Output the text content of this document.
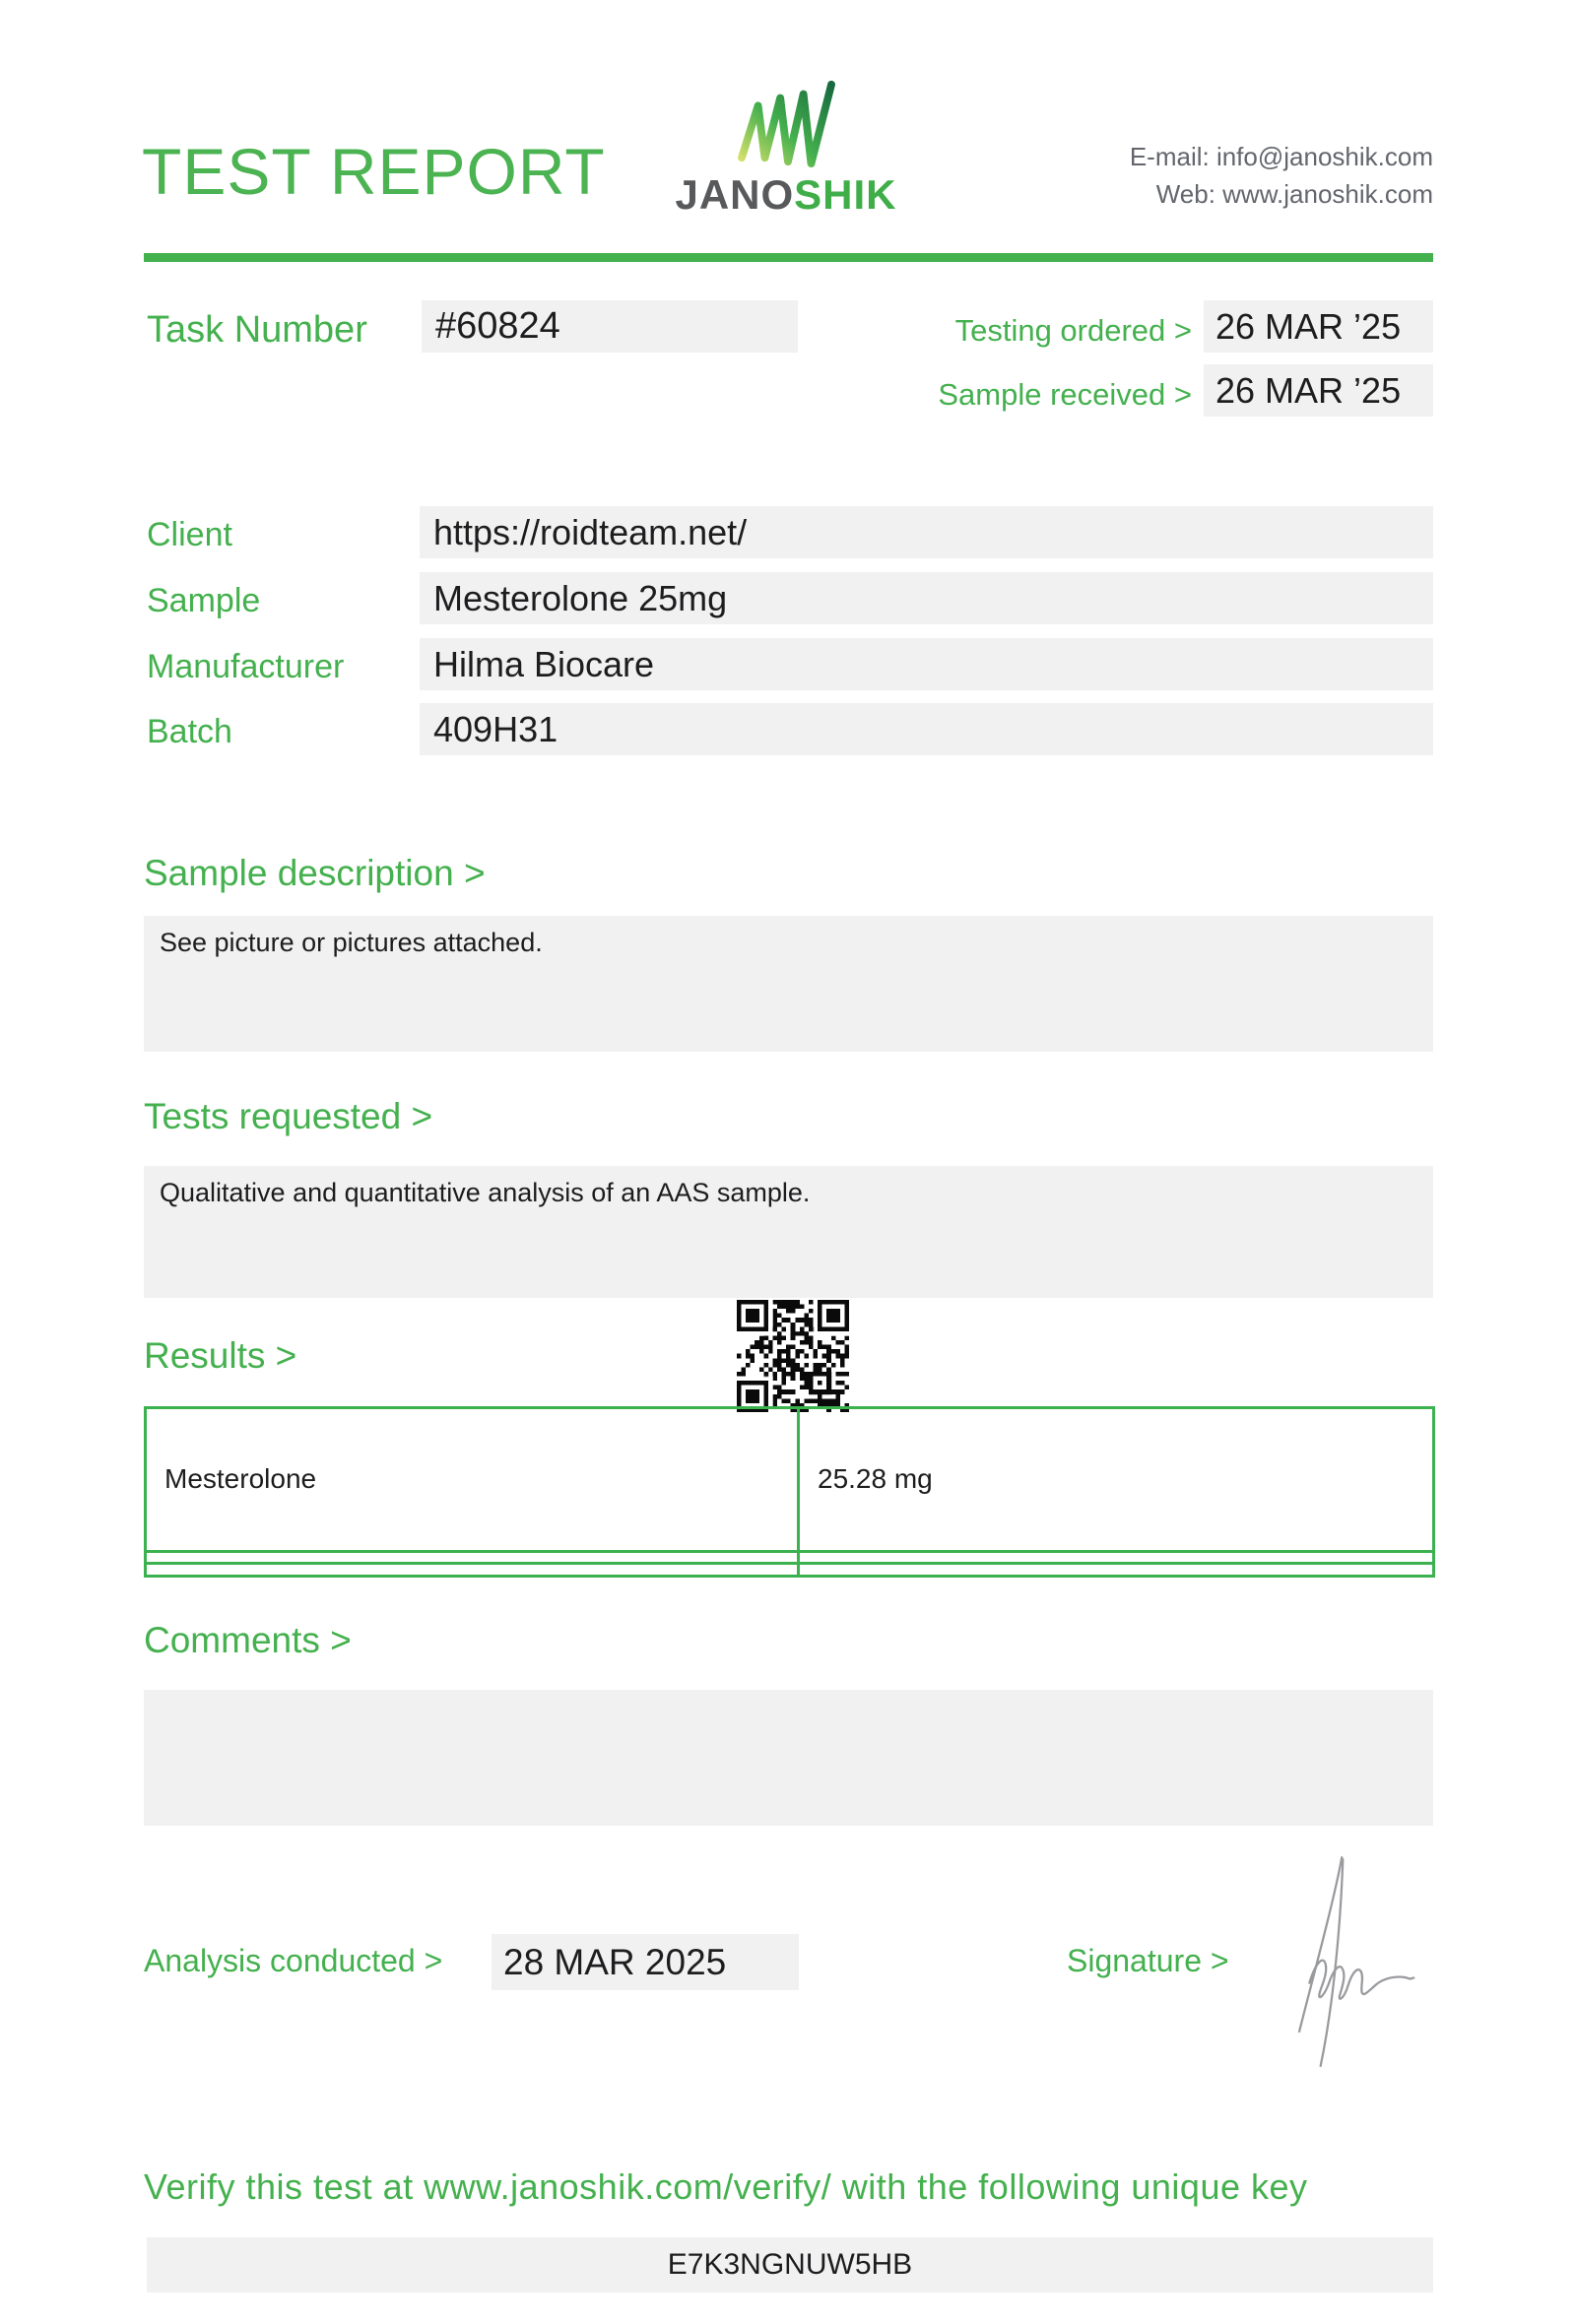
TEST REPORT JANOSHIK
E-mail: info@janoshik.com
Web: www.janoshik.com
Task Number	#60824	Testing ordered > 26 MAR ’25
Sample received > 26 MAR ’25
Client	https://roidteam.net/
Sample	Mesterolone 25mg
Manufacturer	Hilma Biocare
Batch	409H31
Sample description >
See picture or pictures attached.
Tests requested >
Qualitative and quantitative analysis of an AAS sample.
Results >
Mesterolone	25.28 mg

Comments >
Analysis conducted >	28 MAR 2025	Signature >
Verify this test at www.janoshik.com/verify/ with the following unique key
E7K3NGNUW5HB
